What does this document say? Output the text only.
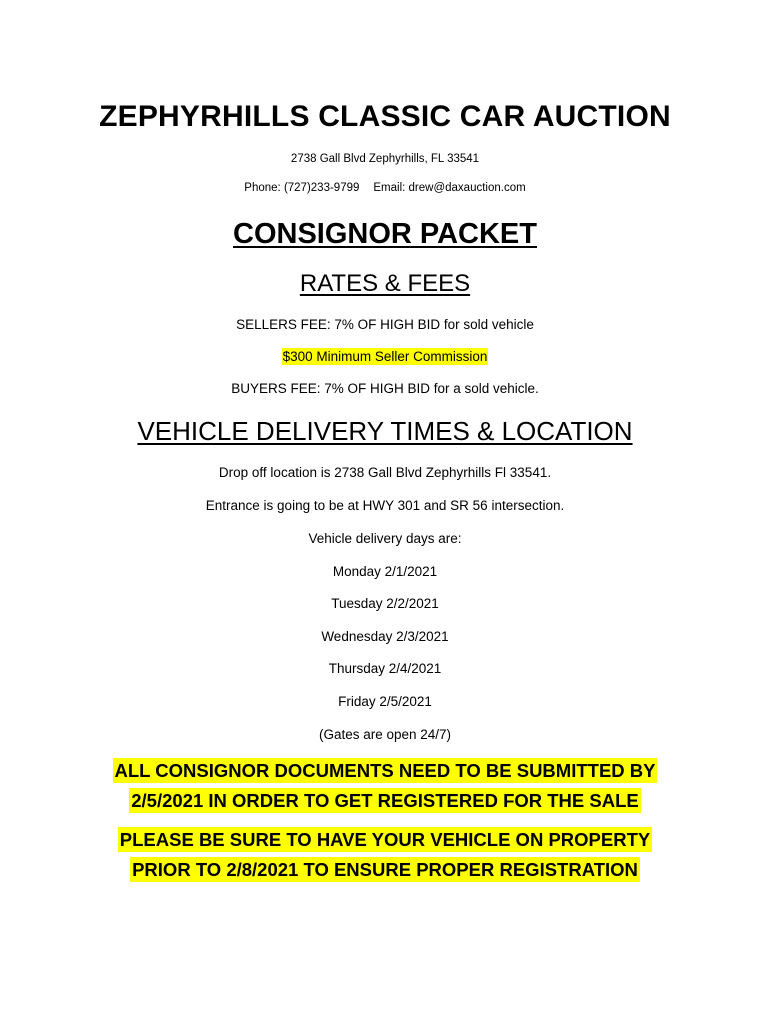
ZEPHYRHILLS CLASSIC CAR AUCTION
2738 Gall Blvd Zephyrhills, FL 33541
Phone: (727)233-9799 Email: drew@daxauction.com
CONSIGNOR PACKET
RATES & FEES
SELLERS FEE: 7% OF HIGH BID for sold vehicle
$300 Minimum Seller Commission
BUYERS FEE: 7% OF HIGH BID for a sold vehicle.
VEHICLE DELIVERY TIMES & LOCATION
Drop off location is 2738 Gall Blvd Zephyrhills Fl 33541.
Entrance is going to be at HWY 301 and SR 56 intersection.
Vehicle delivery days are:
Monday 2/1/2021
Tuesday 2/2/2021
Wednesday 2/3/2021
Thursday 2/4/2021
Friday 2/5/2021
(Gates are open 24/7)
ALL CONSIGNOR DOCUMENTS NEED TO BE SUBMITTED BY
2/5/2021 IN ORDER TO GET REGISTERED FOR THE SALE
PLEASE BE SURE TO HAVE YOUR VEHICLE ON PROPERTY
PRIOR TO 2/8/2021 TO ENSURE PROPER REGISTRATION
